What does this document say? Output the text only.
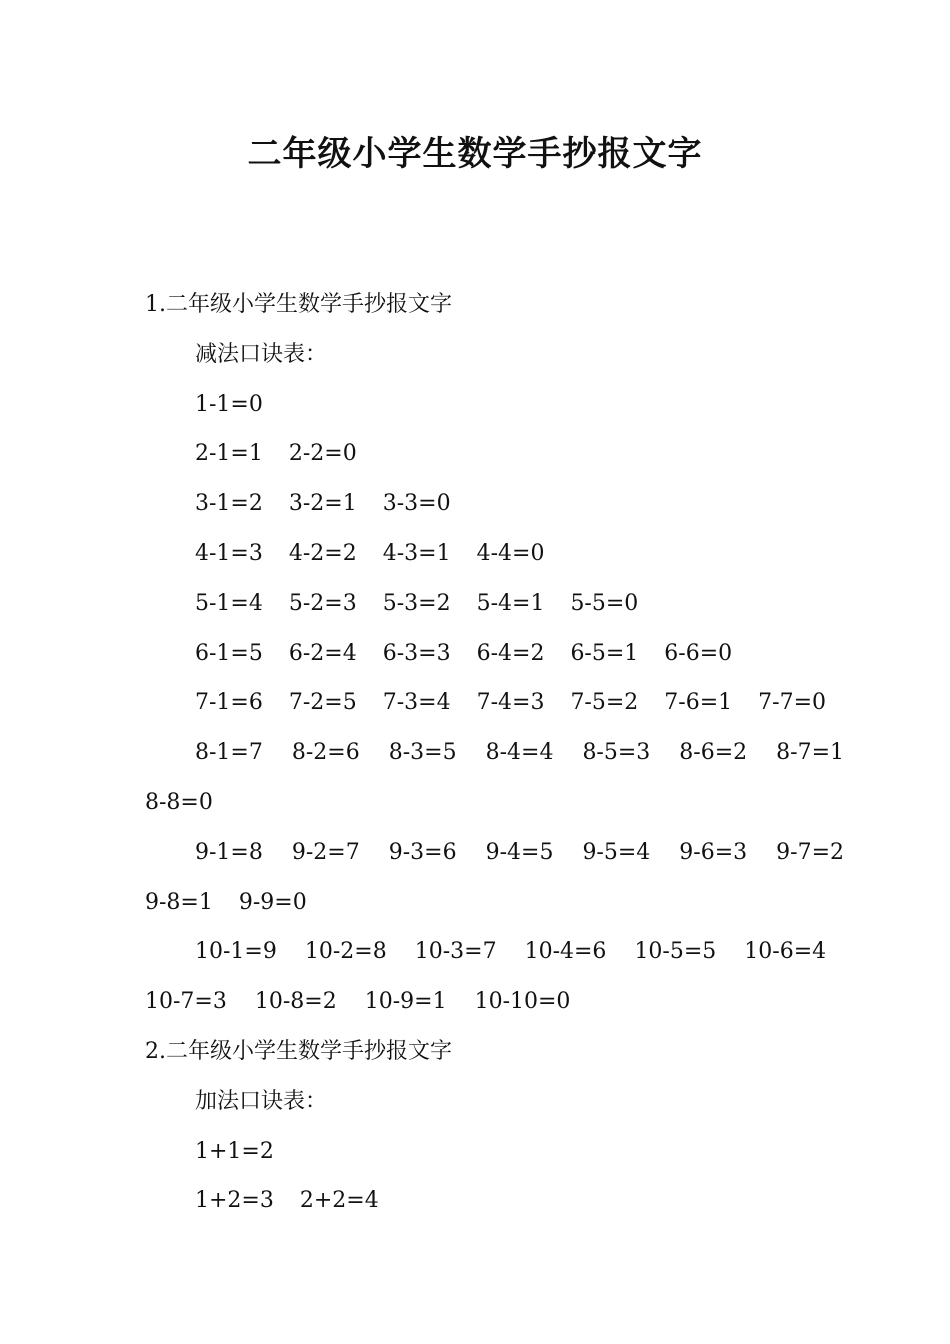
二年级小学生数学手抄报文字
1.二年级小学生数学手抄报文字
减法口诀表：
1-1=0
2-1=1 2-2=0
3-1=2 3-2=1 3-3=0
4-1=3 4-2=2 4-3=1 4-4=0
5-1=4 5-2=3 5-3=2 5-4=1 5-5=0
6-1=5 6-2=4 6-3=3 6-4=2 6-5=1 6-6=0
7-1=6 7-2=5 7-3=4 7-4=3 7-5=2 7-6=1 7-7=0
8-1=7 8-2=6 8-3=5 8-4=4 8-5=3 8-6=2 8-7=1
8-8=0
9-1=8 9-2=7 9-3=6 9-4=5 9-5=4 9-6=3 9-7=2
9-8=1 9-9=0
10-1=9 10-2=8 10-3=7 10-4=6 10-5=5 10-6=4
10-7=3 10-8=2 10-9=1 10-10=0
2.二年级小学生数学手抄报文字
加法口诀表：
1+1=2
1+2=3 2+2=4
